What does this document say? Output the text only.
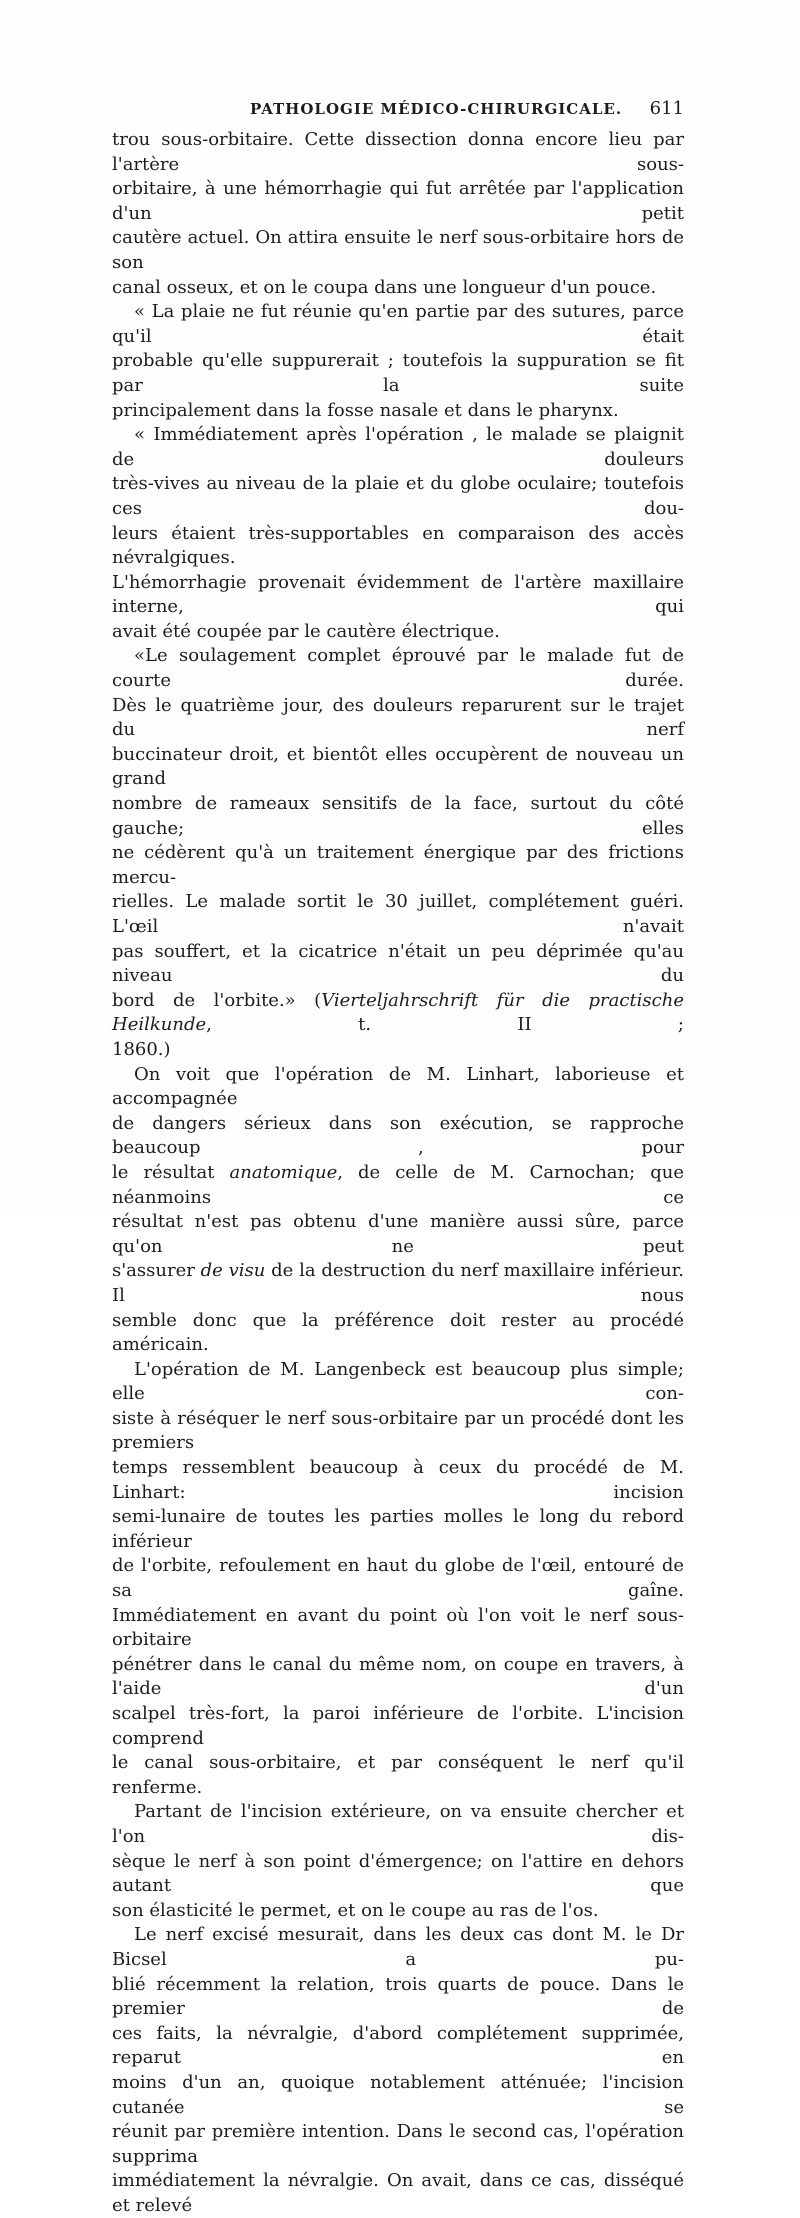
PATHOLOGIE MÉDICO-CHIRURGICALE. 611
trou sous-orbitaire. Cette dissection donna encore lieu par l'artère sous-
orbitaire, à une hémorrhagie qui fut arrêtée par l'application d'un petit
cautère actuel. On attira ensuite le nerf sous-orbitaire hors de son
canal osseux, et on le coupa dans une longueur d'un pouce.
« La plaie ne fut réunie qu'en partie par des sutures, parce qu'il était
probable qu'elle suppurerait ; toutefois la suppuration se fit par la suite
principalement dans la fosse nasale et dans le pharynx.
« Immédiatement après l'opération , le malade se plaignit de douleurs
très-vives au niveau de la plaie et du globe oculaire; toutefois ces dou-
leurs étaient très-supportables en comparaison des accès névralgiques.
L'hémorrhagie provenait évidemment de l'artère maxillaire interne, qui
avait été coupée par le cautère électrique.
«Le soulagement complet éprouvé par le malade fut de courte durée.
Dès le quatrième jour, des douleurs reparurent sur le trajet du nerf
buccinateur droit, et bientôt elles occupèrent de nouveau un grand
nombre de rameaux sensitifs de la face, surtout du côté gauche; elles
ne cédèrent qu'à un traitement énergique par des frictions mercu-
rielles. Le malade sortit le 30 juillet, complétement guéri. L'œil n'avait
pas souffert, et la cicatrice n'était un peu déprimée qu'au niveau du
bord de l'orbite.» (Vierteljahrschrift für die practische Heilkunde, t. II ;
1860.)
On voit que l'opération de M. Linhart, laborieuse et accompagnée
de dangers sérieux dans son exécution, se rapproche beaucoup , pour
le résultat anatomique, de celle de M. Carnochan; que néanmoins ce
résultat n'est pas obtenu d'une manière aussi sûre, parce qu'on ne peut
s'assurer de visu de la destruction du nerf maxillaire inférieur. Il nous
semble donc que la préférence doit rester au procédé américain.
L'opération de M. Langenbeck est beaucoup plus simple; elle con-
siste à réséquer le nerf sous-orbitaire par un procédé dont les premiers
temps ressemblent beaucoup à ceux du procédé de M. Linhart: incision
semi-lunaire de toutes les parties molles le long du rebord inférieur
de l'orbite, refoulement en haut du globe de l'œil, entouré de sa gaîne.
Immédiatement en avant du point où l'on voit le nerf sous-orbitaire
pénétrer dans le canal du même nom, on coupe en travers, à l'aide d'un
scalpel très-fort, la paroi inférieure de l'orbite. L'incision comprend
le canal sous-orbitaire, et par conséquent le nerf qu'il renferme.
Partant de l'incision extérieure, on va ensuite chercher et l'on dis-
sèque le nerf à son point d'émergence; on l'attire en dehors autant que
son élasticité le permet, et on le coupe au ras de l'os.
Le nerf excisé mesurait, dans les deux cas dont M. le Dr Bicsel a pu-
blié récemment la relation, trois quarts de pouce. Dans le premier de
ces faits, la névralgie, d'abord complétement supprimée, reparut en
moins d'un an, quoique notablement atténuée; l'incision cutanée se
réunit par première intention. Dans le second cas, l'opération supprima
immédiatement la névralgie. On avait, dans ce cas, disséqué et relevé
